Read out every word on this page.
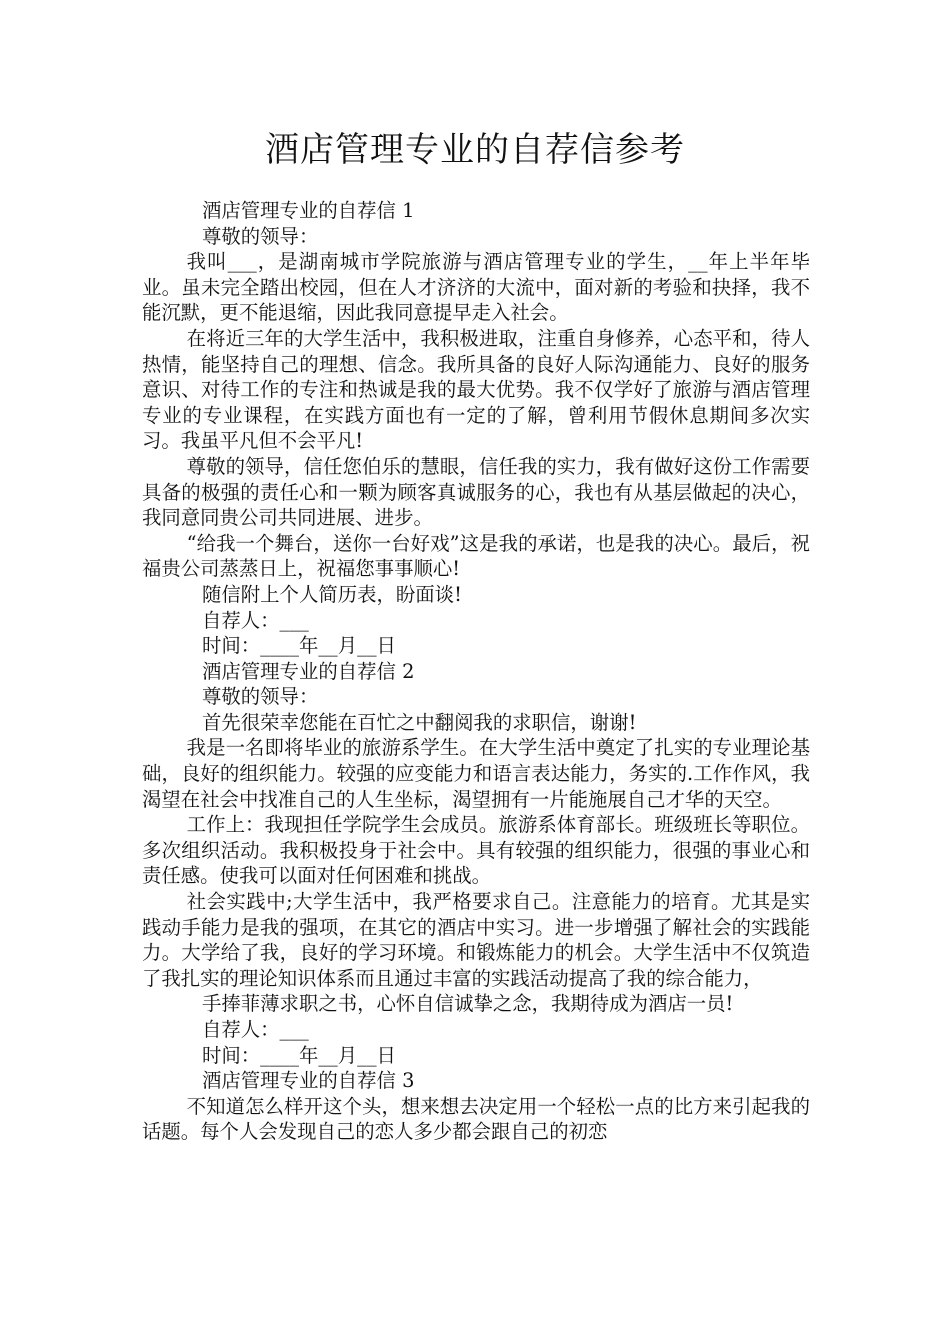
酒店管理专业的自荐信参考

酒店管理专业的自荐信 1

尊敬的领导：

我叫___，是湖南城市学院旅游与酒店管理专业的学生，__年上半年毕业。虽未完全踏出校园，但在人才济济的大流中，面对新的考验和抉择，我不能沉默，更不能退缩，因此我同意提早走入社会。

在将近三年的大学生活中，我积极进取，注重自身修养，心态平和，待人热情，能坚持自己的理想、信念。我所具备的良好人际沟通能力、良好的服务意识、对待工作的专注和热诚是我的最大优势。我不仅学好了旅游与酒店管理专业的专业课程，在实践方面也有一定的了解，曾利用节假休息期间多次实习。我虽平凡但不会平凡!

尊敬的领导，信任您伯乐的慧眼，信任我的实力，我有做好这份工作需要具备的极强的责任心和一颗为顾客真诚服务的心，我也有从基层做起的决心，我同意同贵公司共同进展、进步。

“给我一个舞台，送你一台好戏”这是我的承诺，也是我的决心。最后，祝福贵公司蒸蒸日上，祝福您事事顺心!

随信附上个人简历表，盼面谈!

自荐人：___

时间：____年__月__日

酒店管理专业的自荐信 2

尊敬的领导：

首先很荣幸您能在百忙之中翻阅我的求职信，谢谢!

我是一名即将毕业的旅游系学生。在大学生活中奠定了扎实的专业理论基础，良好的组织能力。较强的应变能力和语言表达能力，务实的.工作作风，我渴望在社会中找准自己的人生坐标，渴望拥有一片能施展自己才华的天空。

工作上：我现担任学院学生会成员。旅游系体育部长。班级班长等职位。多次组织活动。我积极投身于社会中。具有较强的组织能力，很强的事业心和责任感。使我可以面对任何困难和挑战。

社会实践中;大学生活中，我严格要求自己。注意能力的培育。尤其是实践动手能力是我的强项，在其它的酒店中实习。进一步增强了解社会的实践能力。大学给了我，良好的学习环境。和锻炼能力的机会。大学生活中不仅筑造了我扎实的理论知识体系而且通过丰富的实践活动提高了我的综合能力，

手捧菲薄求职之书，心怀自信诚挚之念，我期待成为酒店一员!

自荐人：___

时间：____年__月__日

酒店管理专业的自荐信 3

不知道怎么样开这个头，想来想去决定用一个轻松一点的比方来引起我的话题。每个人会发现自己的恋人多少都会跟自己的初恋
